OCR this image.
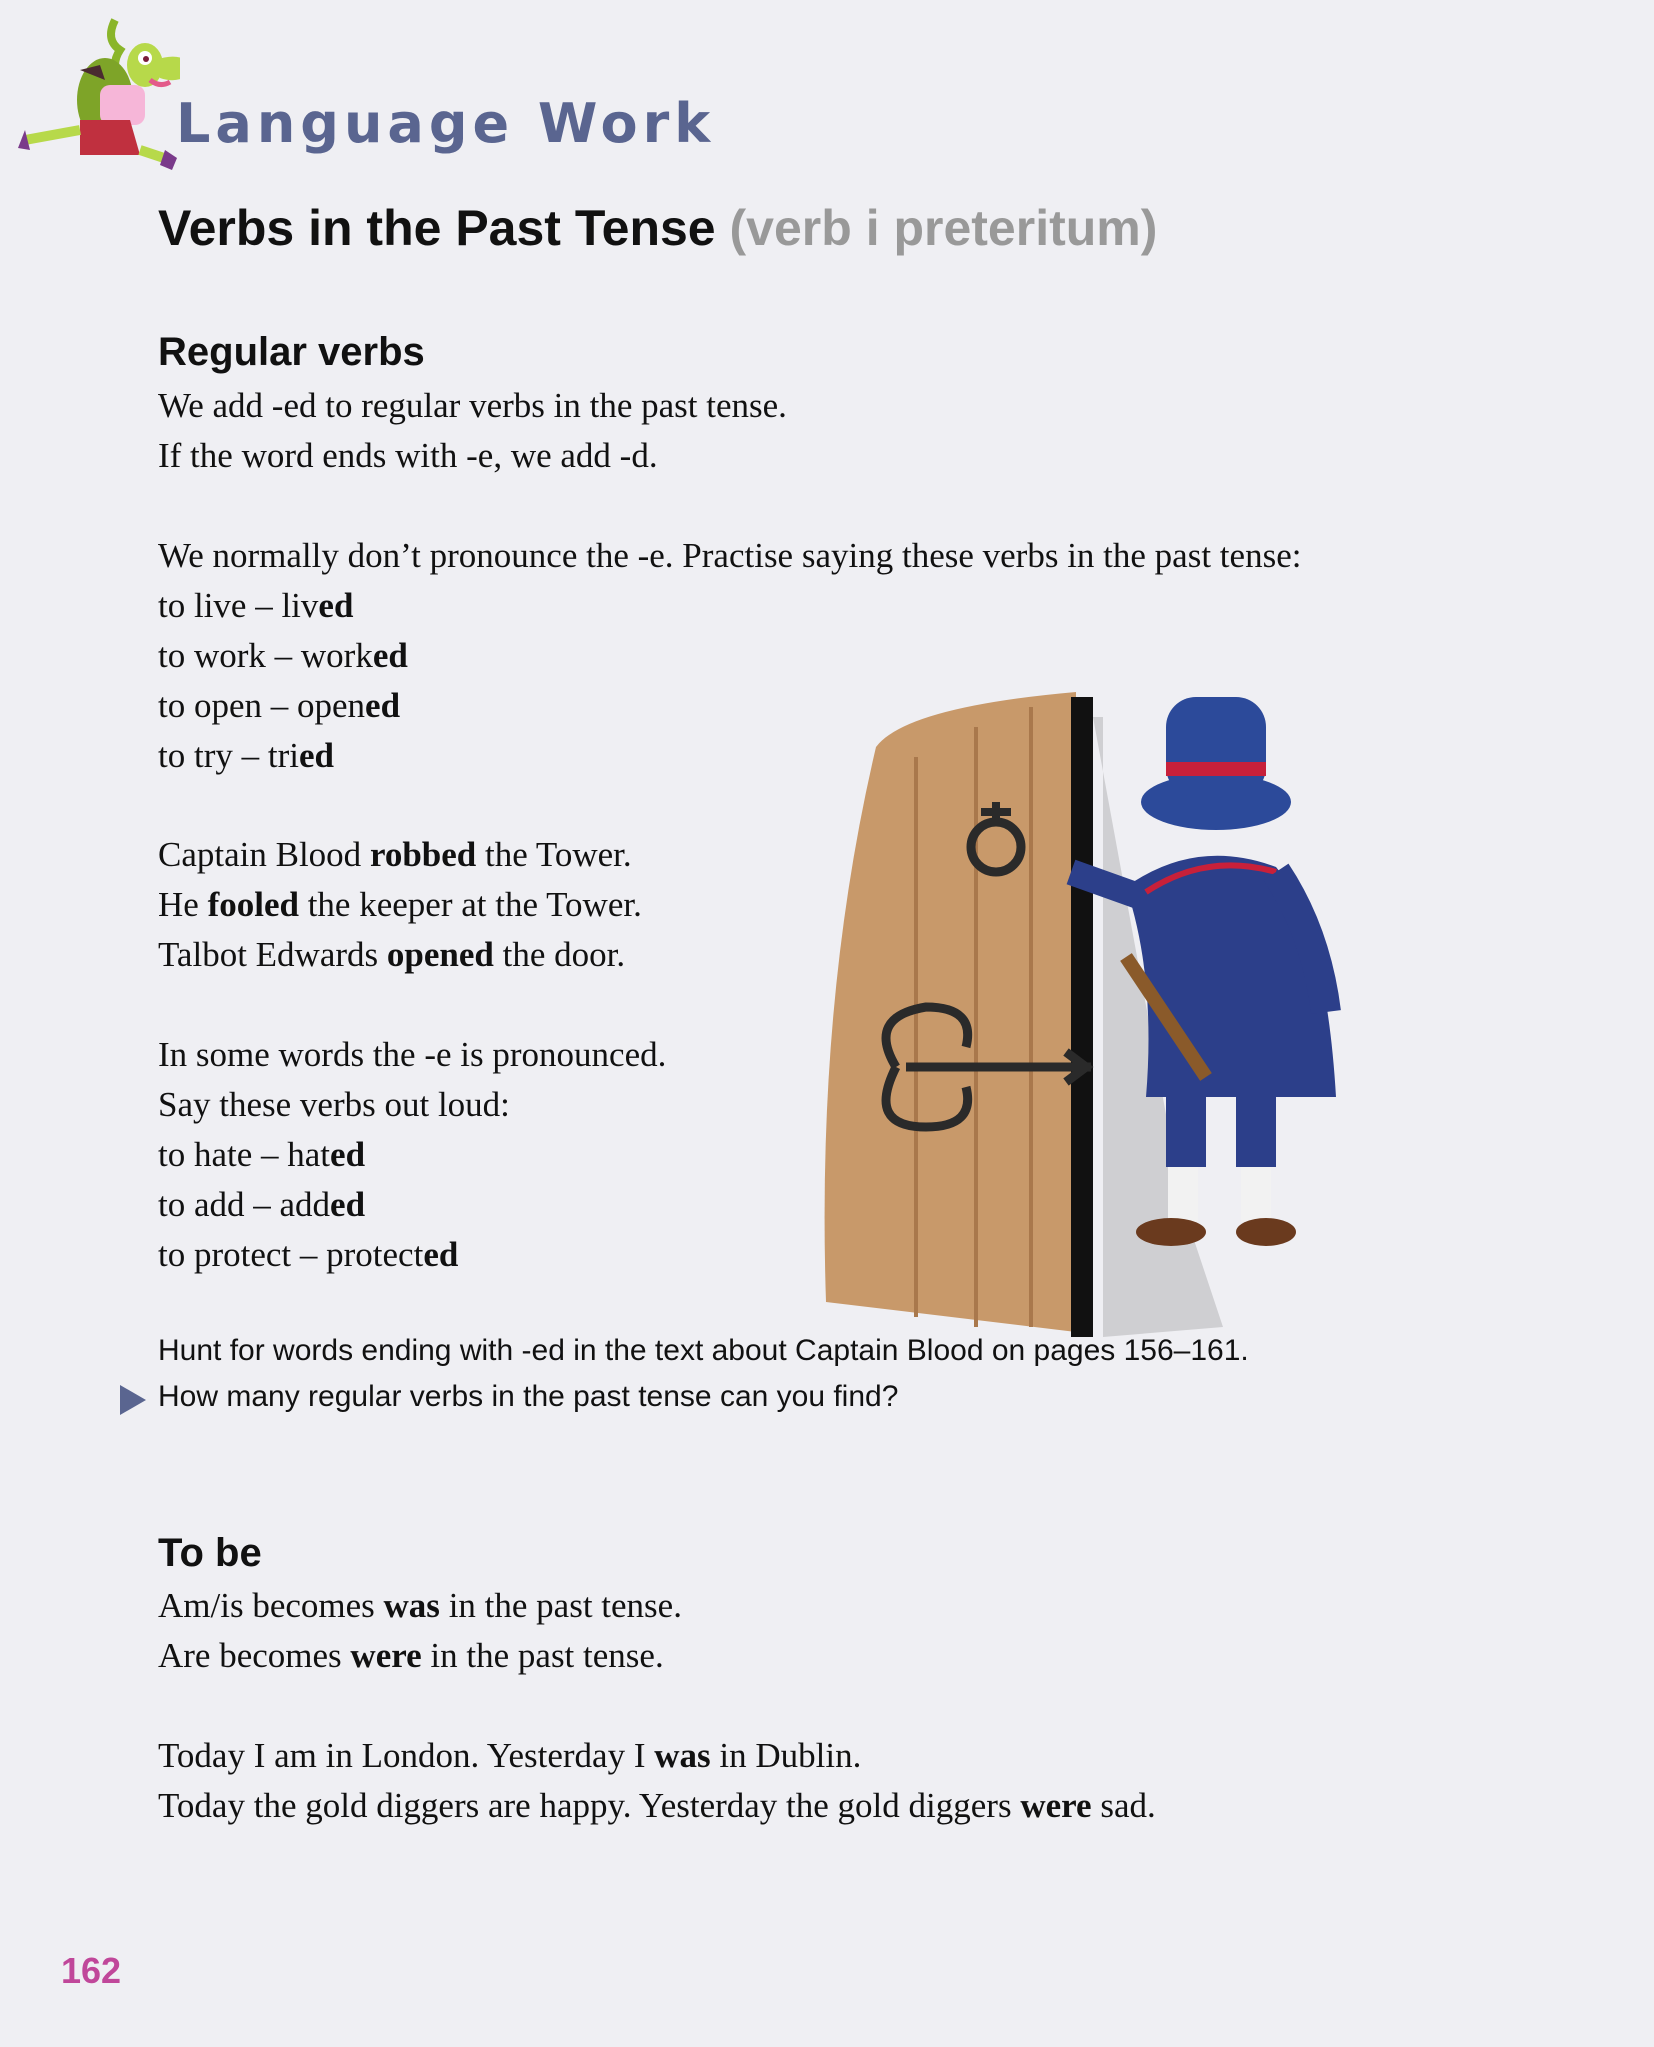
Language Work
Verbs in the Past Tense (verb i preteritum)
Regular verbs
We add -ed to regular verbs in the past tense.
If the word ends with -e, we add -d.
We normally don’t pronounce the -e. Practise saying these verbs in the past tense:
to live – lived
to work – worked
to open – opened
to try – tried
Captain Blood robbed the Tower.
He fooled the keeper at the Tower.
Talbot Edwards opened the door.
In some words the -e is pronounced.
Say these verbs out loud:
to hate – hated
to add – added
to protect – protected
Hunt for words ending with -ed in the text about Captain Blood on pages 156–161.
How many regular verbs in the past tense can you find?
To be
Am/is becomes was in the past tense.
Are becomes were in the past tense.
Today I am in London. Yesterday I was in Dublin.
Today the gold diggers are happy. Yesterday the gold diggers were sad.
162
